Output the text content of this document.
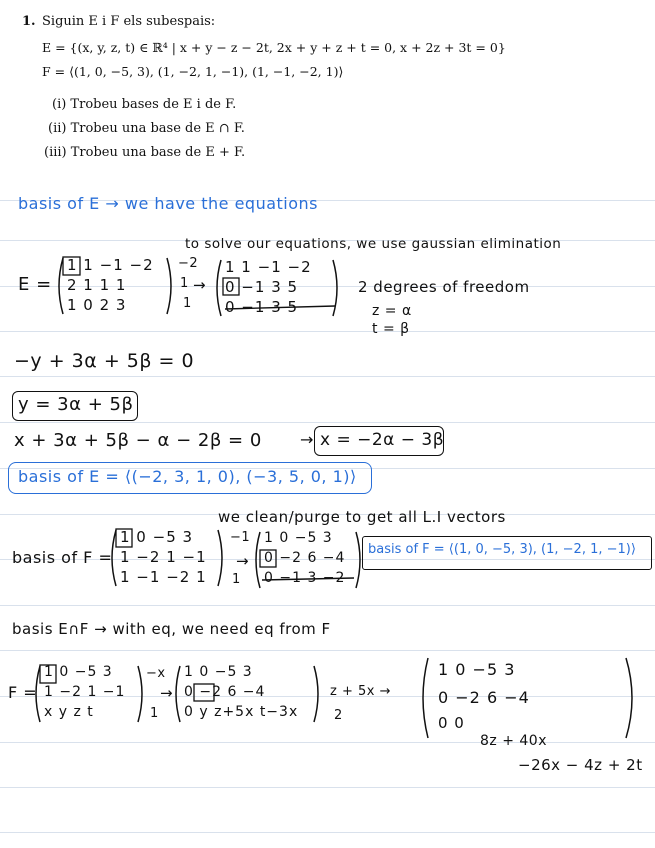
1. Siguin E i F els subespais:
E = {(x, y, z, t) ∈ ℝ⁴ | x + y − z − 2t, 2x + y + z + t = 0, x + 2z + 3t = 0}
F = ⟨(1, 0, −5, 3), (1, −2, 1, −1), (1, −1, −2, 1)⟩
(i) Trobeu bases de E i de F.
(ii) Trobeu una base de E ∩ F.
(iii) Trobeu una base de E + F.
basis of E → we have the equations
to solve our equations, we use gaussian elimination
E =
1 1 −1 −2
2 1 1 1
1 0 2 3
−2
1
1
→
1 1 −1 −2
0 −1 3 5
0 −1 3 5
2 degrees of freedom
z = α
t = β
−y + 3α + 5β = 0
y = 3α + 5β
x + 3α + 5β − α − 2β = 0 → x = −2α − 3β
basis of E = ⟨(−2, 3, 1, 0), (−3, 5, 0, 1)⟩
we clean/purge to get all L.I vectors
basis of F =
1 0 −5 3
1 −2 1 −1
1 −1 −2 1
−1
1
→
1 0 −5 3
0 −2 6 −4
0 −1 3 −2
basis of F = ⟨(1, 0, −5, 3), (1, −2, 1, −1)⟩
basis E∩F → with eq, we need eq from F
F =
1 0 −5 3
1 −2 1 −1
x y z t
−x
1
→
1 0 −5 3
0 −2 6 −4
0 y z+5x t−3x
z + 5x →
2
1 0 −5 3
0 −2 6 −4
0 0
8z + 40x
−26x − 4z + 2t
